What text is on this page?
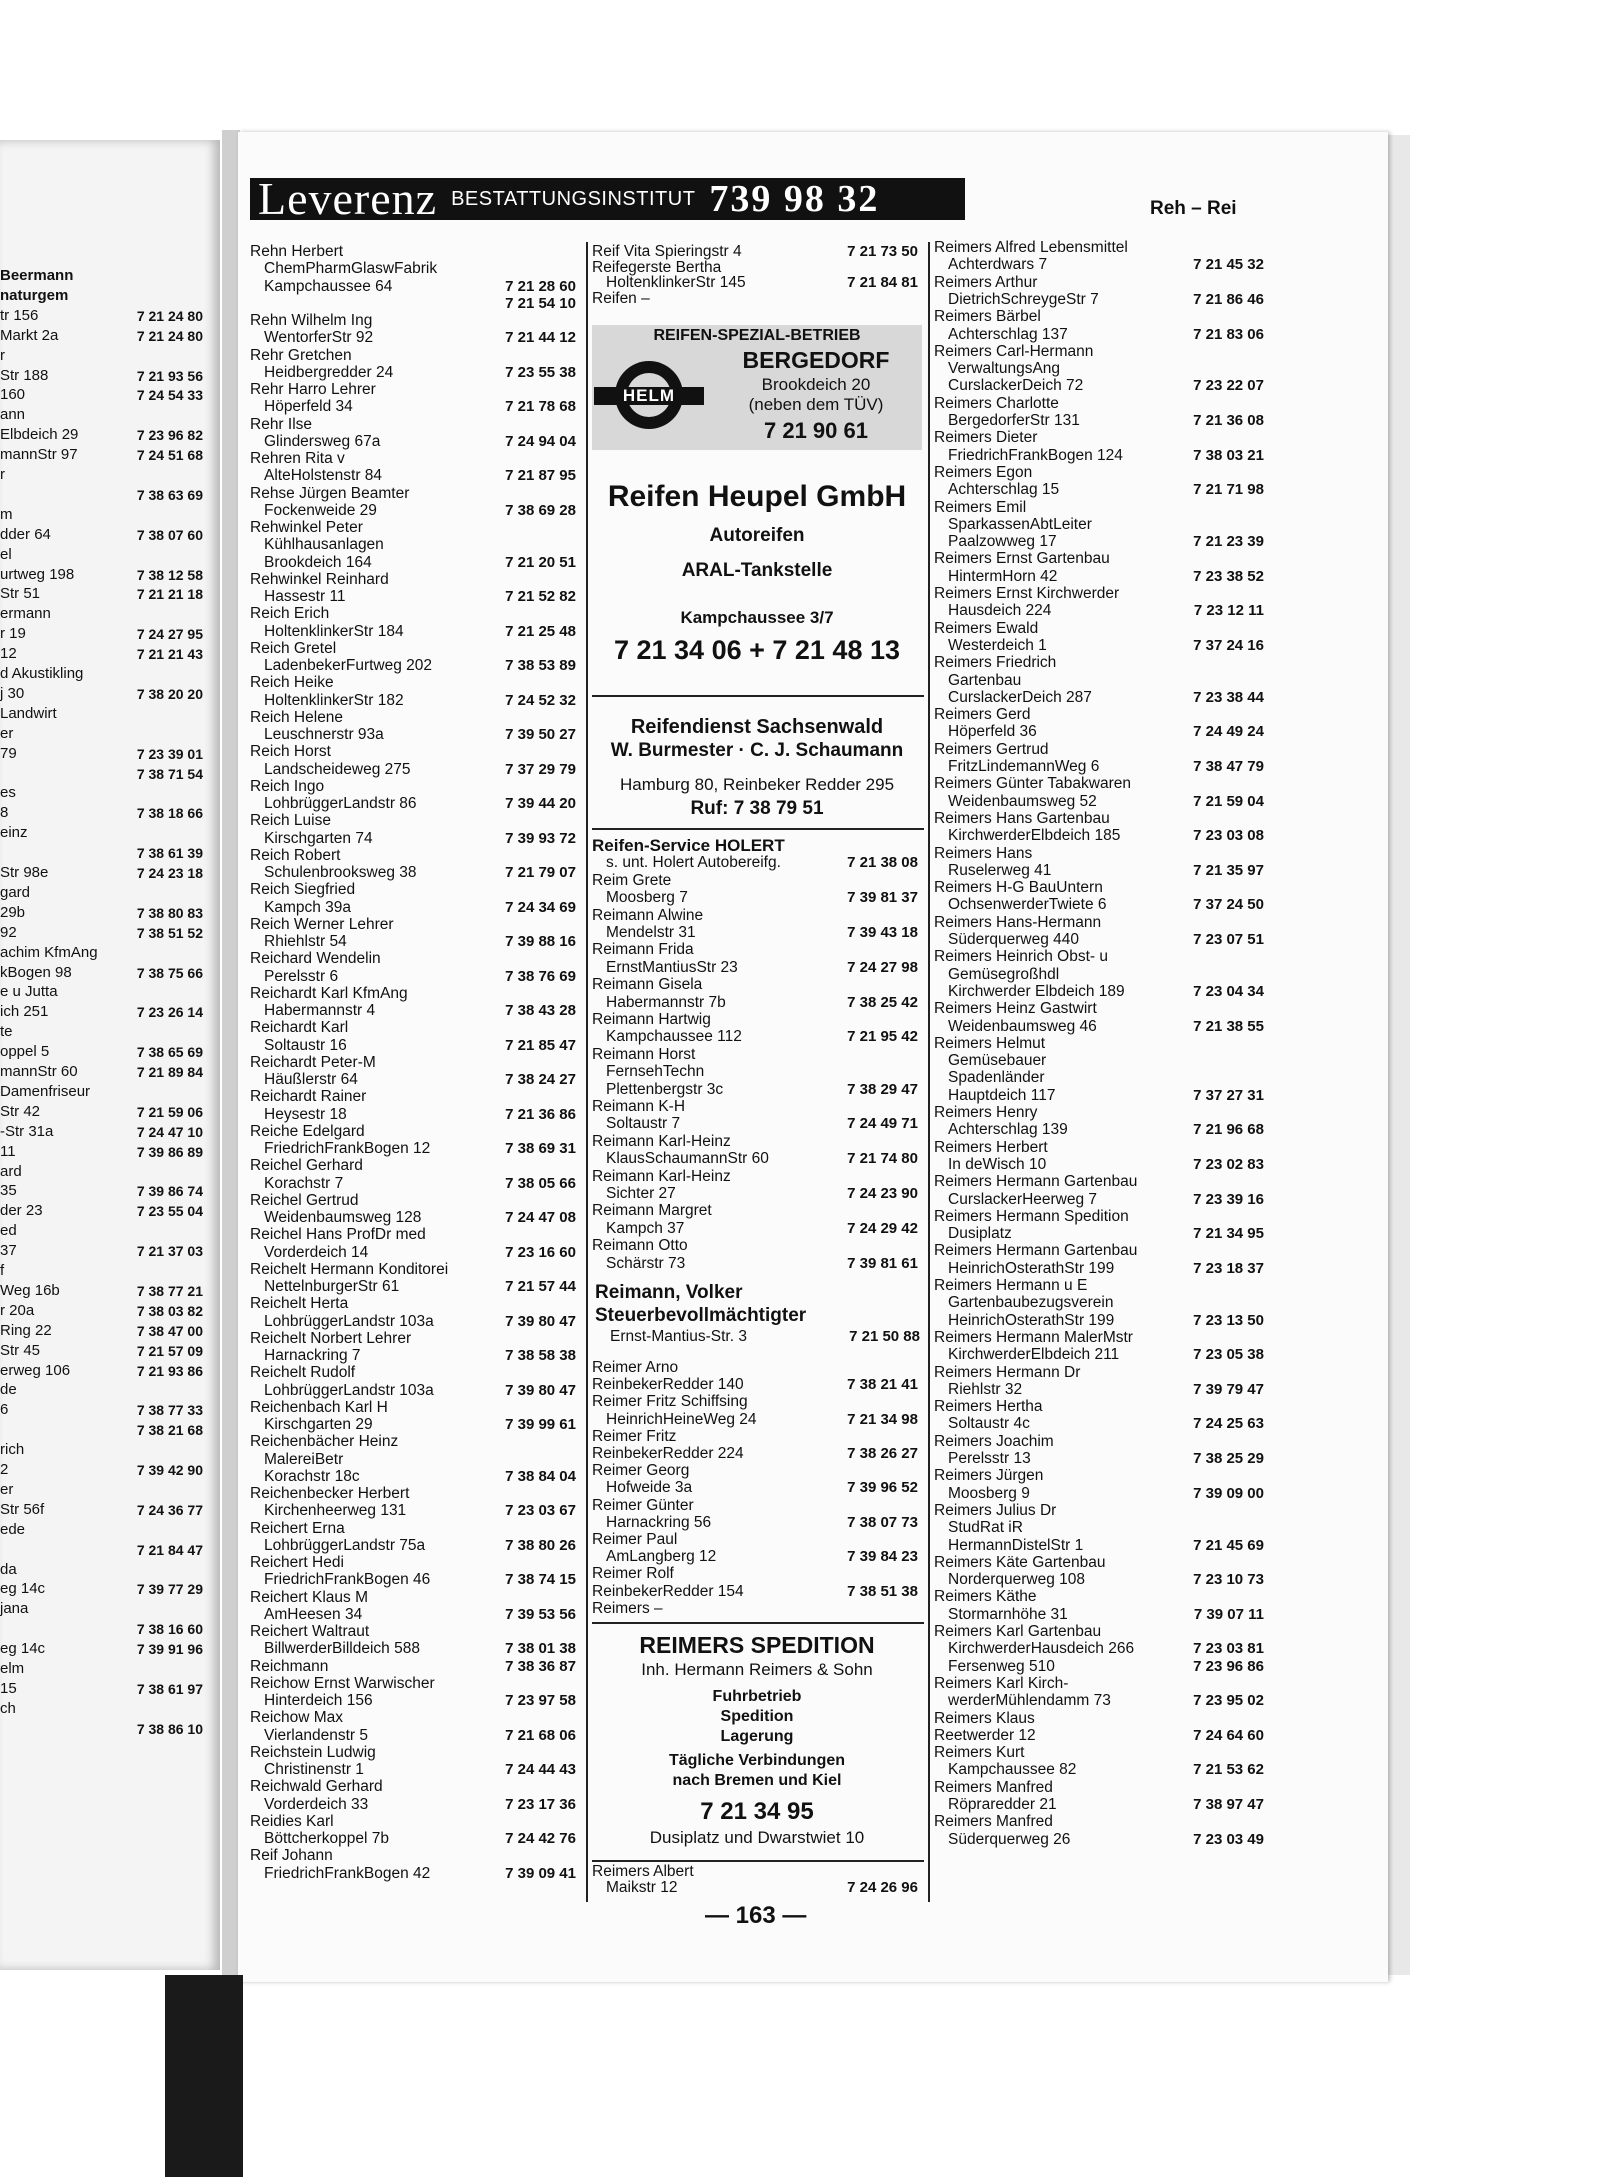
Leverenz BESTATTUNGSINSTITUT 739 98 32	Reh – Rei
REIFEN-SPEZIAL-BETRIEB
HELM
BERGEDORF
Brookdeich 20
(neben dem TÜV)
7 21 90 61
Reifen Heupel GmbH
Autoreifen
ARAL-Tankstelle
Kampchaussee 3/7
7 21 34 06 + 7 21 48 13
Reifendienst Sachsenwald
W. Burmester · C. J. Schaumann
Hamburg 80, Reinbeker Redder 295
Ruf: 7 38 79 51
Reimann, Volker
Steuerbevollmächtigter
Ernst-Mantius-Str. 3	7 21 50 88
REIMERS SPEDITION
Inh. Hermann Reimers & Sohn
Fuhrbetrieb
Spedition
Lagerung
Tägliche Verbindungen
nach Bremen und Kiel
7 21 34 95
Dusiplatz und Dwarstwiet 10
— 163 —
Beermann
naturgem
tr 156	7 21 24 80
Markt 2a	7 21 24 80
r
Str 188	7 21 93 56
160	7 24 54 33
ann
Elbdeich 29	7 23 96 82
mannStr 97	7 24 51 68
r
7 38 63 69
m
dder 64	7 38 07 60
el
urtweg 198	7 38 12 58
Str 51	7 21 21 18
ermann
r 19	7 24 27 95
12	7 21 21 43
d Akustikling
j 30	7 38 20 20
Landwirt
er
79	7 23 39 01
7 38 71 54
es
8	7 38 18 66
einz
7 38 61 39
Str 98e	7 24 23 18
gard
29b	7 38 80 83
92	7 38 51 52
achim KfmAng
kBogen 98	7 38 75 66
e u Jutta
ich 251	7 23 26 14
te
oppel 5	7 38 65 69
mannStr 60	7 21 89 84
Damenfriseur
Str 42	7 21 59 06
-Str 31a	7 24 47 10
11	7 39 86 89
ard
35	7 39 86 74
der 23	7 23 55 04
ed
37	7 21 37 03
f
Weg 16b	7 38 77 21
r 20a	7 38 03 82
Ring 22	7 38 47 00
Str 45	7 21 57 09
erweg 106	7 21 93 86
de
6	7 38 77 33
7 38 21 68
rich
2	7 39 42 90
er
Str 56f	7 24 36 77
ede
7 21 84 47
da
eg 14c	7 39 77 29
jana
7 38 16 60
eg 14c	7 39 91 96
elm
15	7 38 61 97
ch
7 38 86 10
Rehn Herbert
ChemPharmGlaswFabrik
Kampchaussee 64	7 21 28 60
7 21 54 10
Rehn Wilhelm Ing
WentorferStr 92	7 21 44 12
Rehr Gretchen
Heidbergredder 24	7 23 55 38
Rehr Harro Lehrer
Höperfeld 34	7 21 78 68
Rehr Ilse
Glindersweg 67a	7 24 94 04
Rehren Rita v
AlteHolstenstr 84	7 21 87 95
Rehse Jürgen Beamter
Fockenweide 29	7 38 69 28
Rehwinkel Peter
Kühlhausanlagen
Brookdeich 164	7 21 20 51
Rehwinkel Reinhard
Hassestr 11	7 21 52 82
Reich Erich
HoltenklinkerStr 184	7 21 25 48
Reich Gretel
LadenbekerFurtweg 202	7 38 53 89
Reich Heike
HoltenklinkerStr 182	7 24 52 32
Reich Helene
Leuschnerstr 93a	7 39 50 27
Reich Horst
Landscheideweg 275	7 37 29 79
Reich Ingo
LohbrüggerLandstr 86	7 39 44 20
Reich Luise
Kirschgarten 74	7 39 93 72
Reich Robert
Schulenbrooksweg 38	7 21 79 07
Reich Siegfried
Kampch 39a	7 24 34 69
Reich Werner Lehrer
Rhiehlstr 54	7 39 88 16
Reichard Wendelin
Perelsstr 6	7 38 76 69
Reichardt Karl KfmAng
Habermannstr 4	7 38 43 28
Reichardt Karl
Soltaustr 16	7 21 85 47
Reichardt Peter-M
Häußlerstr 64	7 38 24 27
Reichardt Rainer
Heysestr 18	7 21 36 86
Reiche Edelgard
FriedrichFrankBogen 12	7 38 69 31
Reichel Gerhard
Korachstr 7	7 38 05 66
Reichel Gertrud
Weidenbaumsweg 128	7 24 47 08
Reichel Hans ProfDr med
Vorderdeich 14	7 23 16 60
Reichelt Hermann Konditorei
NettelnburgerStr 61	7 21 57 44
Reichelt Herta
LohbrüggerLandstr 103a	7 39 80 47
Reichelt Norbert Lehrer
Harnackring 7	7 38 58 38
Reichelt Rudolf
LohbrüggerLandstr 103a	7 39 80 47
Reichenbach Karl H
Kirschgarten 29	7 39 99 61
Reichenbächer Heinz
MalereiBetr
Korachstr 18c	7 38 84 04
Reichenbecker Herbert
Kirchenheerweg 131	7 23 03 67
Reichert Erna
LohbrüggerLandstr 75a	7 38 80 26
Reichert Hedi
FriedrichFrankBogen 46	7 38 74 15
Reichert Klaus M
AmHeesen 34	7 39 53 56
Reichert Waltraut
BillwerderBilldeich 588	7 38 01 38
Reichmann	7 38 36 87
Reichow Ernst Warwischer
Hinterdeich 156	7 23 97 58
Reichow Max
Vierlandenstr 5	7 21 68 06
Reichstein Ludwig
Christinenstr 1	7 24 44 43
Reichwald Gerhard
Vorderdeich 33	7 23 17 36
Reidies Karl
Böttcherkoppel 7b	7 24 42 76
Reif Johann
FriedrichFrankBogen 42	7 39 09 41
Reif Vita Spieringstr 4	7 21 73 50
Reifegerste Bertha
HoltenklinkerStr 145	7 21 84 81
Reifen –
Reifen-Service HOLERT
s. unt. Holert Autobereifg.	7 21 38 08
Reim Grete
Moosberg 7	7 39 81 37
Reimann Alwine
Mendelstr 31	7 39 43 18
Reimann Frida
ErnstMantiusStr 23	7 24 27 98
Reimann Gisela
Habermannstr 7b	7 38 25 42
Reimann Hartwig
Kampchaussee 112	7 21 95 42
Reimann Horst
FernsehTechn
Plettenbergstr 3c	7 38 29 47
Reimann K-H
Soltaustr 7	7 24 49 71
Reimann Karl-Heinz
KlausSchaumannStr 60	7 21 74 80
Reimann Karl-Heinz
Sichter 27	7 24 23 90
Reimann Margret
Kampch 37	7 24 29 42
Reimann Otto
Schärstr 73	7 39 81 61
Reimer Arno
ReinbekerRedder 140	7 38 21 41
Reimer Fritz Schiffsing
HeinrichHeineWeg 24	7 21 34 98
Reimer Fritz
ReinbekerRedder 224	7 38 26 27
Reimer Georg
Hofweide 3a	7 39 96 52
Reimer Günter
Harnackring 56	7 38 07 73
Reimer Paul
AmLangberg 12	7 39 84 23
Reimer Rolf
ReinbekerRedder 154	7 38 51 38
Reimers –
Reimers Albert
Maikstr 12	7 24 26 96
Reimers Alfred Lebensmittel
Achterdwars 7	7 21 45 32
Reimers Arthur
DietrichSchreygeStr 7	7 21 86 46
Reimers Bärbel
Achterschlag 137	7 21 83 06
Reimers Carl-Hermann
VerwaltungsAng
CurslackerDeich 72	7 23 22 07
Reimers Charlotte
BergedorferStr 131	7 21 36 08
Reimers Dieter
FriedrichFrankBogen 124	7 38 03 21
Reimers Egon
Achterschlag 15	7 21 71 98
Reimers Emil
SparkassenAbtLeiter
Paalzowweg 17	7 21 23 39
Reimers Ernst Gartenbau
HintermHorn 42	7 23 38 52
Reimers Ernst Kirchwerder
Hausdeich 224	7 23 12 11
Reimers Ewald
Westerdeich 1	7 37 24 16
Reimers Friedrich
Gartenbau
CurslackerDeich 287	7 23 38 44
Reimers Gerd
Höperfeld 36	7 24 49 24
Reimers Gertrud
FritzLindemannWeg 6	7 38 47 79
Reimers Günter Tabakwaren
Weidenbaumsweg 52	7 21 59 04
Reimers Hans Gartenbau
KirchwerderElbdeich 185	7 23 03 08
Reimers Hans
Ruselerweg 41	7 21 35 97
Reimers H-G BauUntern
OchsenwerderTwiete 6	7 37 24 50
Reimers Hans-Hermann
Süderquerweg 440	7 23 07 51
Reimers Heinrich Obst- u
Gemüsegroßhdl
Kirchwerder Elbdeich 189	7 23 04 34
Reimers Heinz Gastwirt
Weidenbaumsweg 46	7 21 38 55
Reimers Helmut
Gemüsebauer
Spadenländer
Hauptdeich 117	7 37 27 31
Reimers Henry
Achterschlag 139	7 21 96 68
Reimers Herbert
In deWisch 10	7 23 02 83
Reimers Hermann Gartenbau
CurslackerHeerweg 7	7 23 39 16
Reimers Hermann Spedition
Dusiplatz	7 21 34 95
Reimers Hermann Gartenbau
HeinrichOsterathStr 199	7 23 18 37
Reimers Hermann u E
Gartenbaubezugsverein
HeinrichOsterathStr 199	7 23 13 50
Reimers Hermann MalerMstr
KirchwerderElbdeich 211	7 23 05 38
Reimers Hermann Dr
Riehlstr 32	7 39 79 47
Reimers Hertha
Soltaustr 4c	7 24 25 63
Reimers Joachim
Perelsstr 13	7 38 25 29
Reimers Jürgen
Moosberg 9	7 39 09 00
Reimers Julius Dr
StudRat iR
HermannDistelStr 1	7 21 45 69
Reimers Käte Gartenbau
Norderquerweg 108	7 23 10 73
Reimers Käthe
Stormarnhöhe 31	7 39 07 11
Reimers Karl Gartenbau
KirchwerderHausdeich 266	7 23 03 81
Fersenweg 510	7 23 96 86
Reimers Karl Kirch-
werderMühlendamm 73	7 23 95 02
Reimers Klaus
Reetwerder 12	7 24 64 60
Reimers Kurt
Kampchaussee 82	7 21 53 62
Reimers Manfred
Röpraredder 21	7 38 97 47
Reimers Manfred
Süderquerweg 26	7 23 03 49
